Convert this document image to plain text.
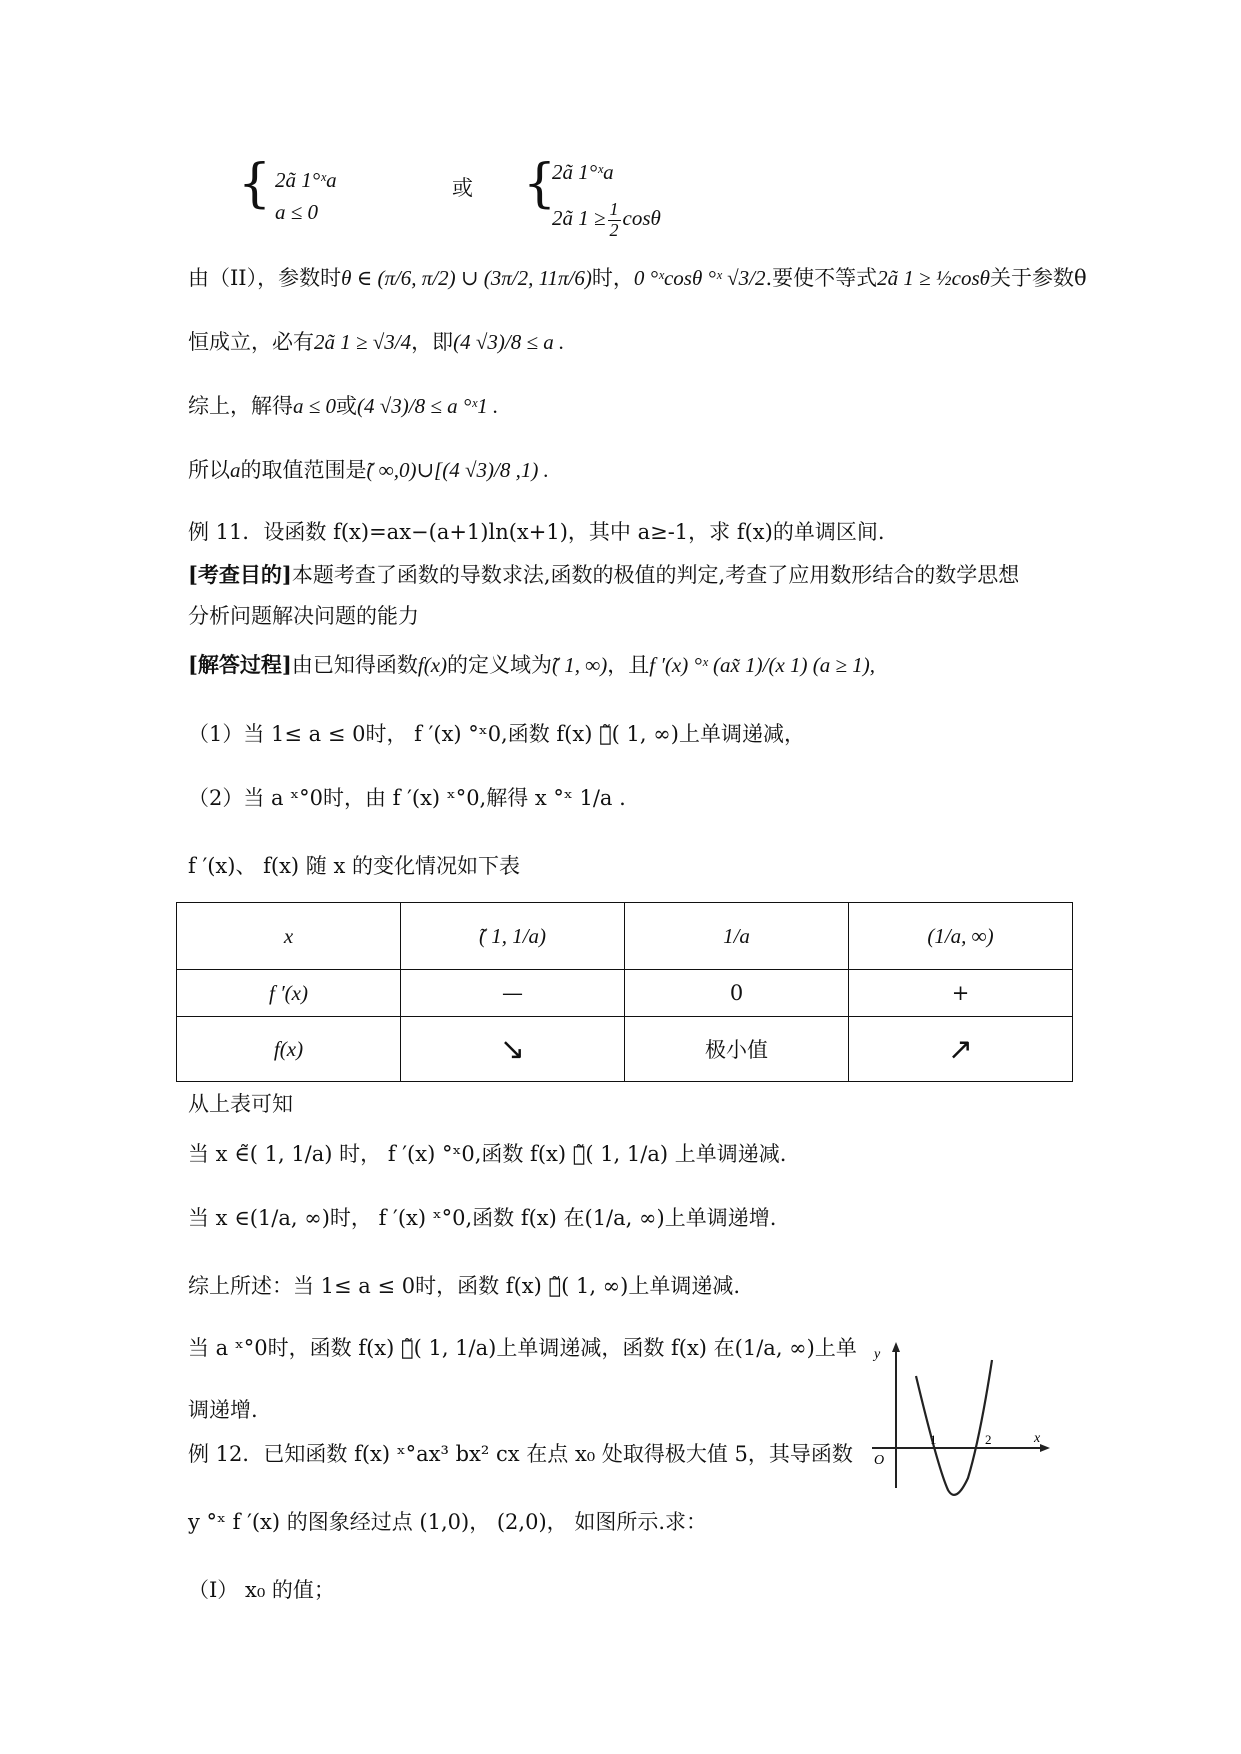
{ 2ã 1°ˣa
a ≤ 0
或 {
2ã 1°ˣa
2ã $1 \ge \frac{1}{2}$ cosθ
由（II），参数时θ ∈ (π/6, π/2) ∪ (3π/2, 11π/6)时，0 °ˣcosθ °ˣ √3/2.要使不等式2ã 1 ≥ ½cosθ关于参数θ
恒成立，必有2ã 1 ≥ √3/4，即(4 √3)/8 ≤ a .
综上，解得a ≤ 0或(4 √3)/8 ≤ a °ˣ1 .
所以a的取值范围是̃( ∞,0)∪[(4 √3)/8 ,1) .
例 11．设函数 f(x)=ax−(a+1)ln(x+1)，其中 a≥-1，求 f(x)的单调区间.
[考查目的]本题考查了函数的导数求法,函数的极值的判定,考查了应用数形结合的数学思想
分析问题解决问题的能力
[解答过程]由已知得函数f(x)的定义域为̃( 1, ∞)，且f ′(x) °ˣ (ax̃ 1)/(x 1) (a ≥ 1),
（1）当 1≤ a ≤ 0时， f ′(x) °ˣ0,函数 f(x) 在̃( 1, ∞)上单调递减，
（2）当 a ˣ°0时，由 f ′(x) ˣ°0,解得 x °ˣ 1/a .
f ′(x)、 f(x) 随 x 的变化情况如下表
x	̃( 1, 1/a)	1/a	(1/a, ∞)
f ′(x)	—	0	+
f(x)	↘	极小值	↗
从上表可知
当 x ∈̃( 1, 1/a) 时， f ′(x) °ˣ0,函数 f(x) 在̃( 1, 1/a) 上单调递减.
当 x ∈(1/a, ∞)时， f ′(x) ˣ°0,函数 f(x) 在(1/a, ∞)上单调递增.
综上所述：当 1≤ a ≤ 0时，函数 f(x) 在̃( 1, ∞)上单调递减.
当 a ˣ°0时，函数 f(x) 在̃( 1, 1/a)上单调递减，函数 f(x) 在(1/a, ∞)上单
调递增.
例 12．已知函数 f(x) ˣ°ax³ bx² cx 在点 x₀ 处取得极大值 5，其导函数
y °ˣ f ′(x) 的图象经过点 (1,0)， (2,0)， 如图所示.求：
（Ⅰ） x₀ 的值；
y
x
O
1	2
